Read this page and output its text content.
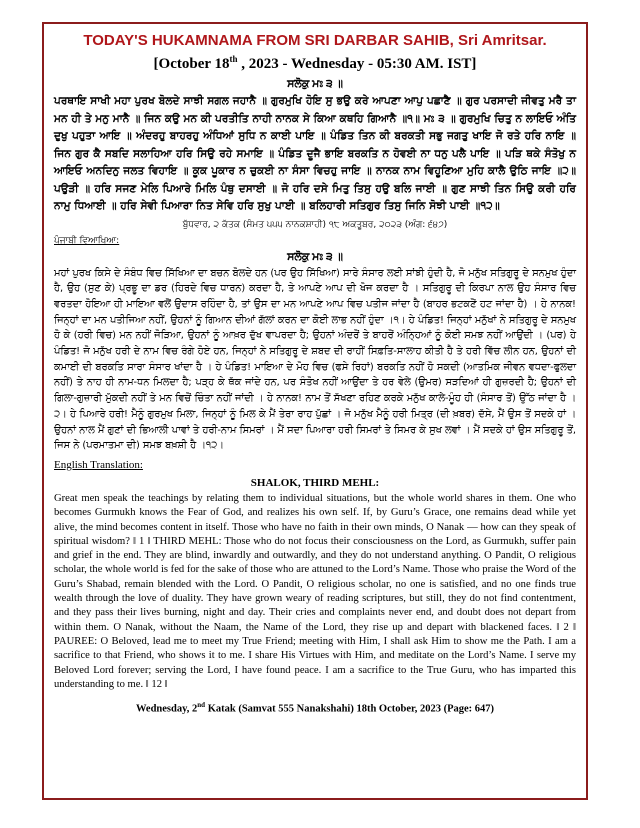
TODAY'S HUKAMNAMA FROM SRI DARBAR SAHIB, Sri Amritsar.

[October 18th , 2023 - Wednesday - 05:30 AM. IST]

ਸਲੋਕੁ ਮਃ ੩ ॥

ਪਰਥਾਇ ਸਾਖੀ ਮਹਾ ਪੁਰਖ ਬੋਲਦੇ ਸਾਝੀ ਸਗਲ ਜਹਾਨੈ ॥ ਗੁਰਮੁਖਿ ਹੋਇ ਸੁ ਭਉ ਕਰੇ ਆਪਣਾ ਆਪੁ ਪਛਾਣੈ ॥ ਗੁਰ ਪਰਸਾਦੀ ਜੀਵਤੁ ਮਰੈ ਤਾ ਮਨ ਹੀ ਤੇ ਮਨੁ ਮਾਨੈ ॥ ਜਿਨ ਕਉ ਮਨ ਕੀ ਪਰਤੀਤਿ ਨਾਹੀ ਨਾਨਕ ਸੇ ਕਿਆ ਕਥਹਿ ਗਿਆਨੈ ॥੧॥ ਮਃ ੩ ॥ ਗੁਰਮੁਖਿ ਚਿਤੁ ਨ ਲਾਇਓ ਅੰਤਿ ਦੁਖੁ ਪਹੁਤਾ ਆਇ ॥ ਅੰਦਰਹੁ ਬਾਹਰਹੁ ਅੰਧਿਆਂ ਸੁਧਿ ਨ ਕਾਈ ਪਾਇ ॥ ਪੰਡਿਤ ਤਿਨ ਕੀ ਬਰਕਤੀ ਸਭੁ ਜਗਤੁ ਖਾਇ ਜੋ ਰਤੇ ਹਰਿ ਨਾਇ ॥ ਜਿਨ ਗੁਰ ਕੈ ਸਬਦਿ ਸਲਾਹਿਆ ਹਰਿ ਸਿਉ ਰਹੇ ਸਮਾਇ ॥ ਪੰਡਿਤ ਦੂਜੈ ਭਾਇ ਬਰਕਤਿ ਨ ਹੋਵਈ ਨਾ ਧਨੁ ਪਲੈ ਪਾਇ ॥ ਪੜਿ ਥਕੇ ਸੰਤੋਖੁ ਨ ਆਇਓ ਅਨਦਿਨੁ ਜਲਤ ਵਿਹਾਇ ॥ ਕੂਕ ਪੂਕਾਰ ਨ ਚੁਕਈ ਨਾ ਸੰਸਾ ਵਿਚਹੁ ਜਾਇ ॥ ਨਾਨਕ ਨਾਮ ਵਿਹੂਣਿਆ ਮੁਹਿ ਕਾਲੈ ਉਠਿ ਜਾਇ ॥੨॥ ਪਉੜੀ ॥ ਹਰਿ ਸਜਣ ਮੇਲਿ ਪਿਆਰੇ ਮਿਲਿ ਪੰਥੁ ਦਸਾਈ ॥ ਜੋ ਹਰਿ ਦਸੇ ਮਿਤੁ ਤਿਸੁ ਹਉ ਬਲਿ ਜਾਈ ॥ ਗੁਣ ਸਾਝੀ ਤਿਨ ਸਿਉ ਕਰੀ ਹਰਿ ਨਾਮੁ ਧਿਆਈ ॥ ਹਰਿ ਸੇਵੀ ਪਿਆਰਾ ਨਿਤ ਸੇਵਿ ਹਰਿ ਸੁਖੁ ਪਾਈ ॥ ਬਲਿਹਾਰੀ ਸਤਿਗੁਰ ਤਿਸੁ ਜਿਨਿ ਸੋਝੀ ਪਾਈ ॥੧੨॥

ਬੁੱਧਵਾਰ, ੨ ਕੱਤਕ (ਸੰਮਤ ੫੫੫ ਨਾਨਕਸ਼ਾਹੀ) ੧੮ ਅਕਤੂਬਰ, ੨੦੨੩ (ਅੰਗ: ੬੪੭)

ਪੰਜਾਬੀ ਵਿਆਖਿਆ:

ਸਲੋਕੁ ਮਃ ੩ ॥

ਮਹਾਂ ਪੁਰਖ ਕਿਸੇ ਦੇ ਸੰਬੰਧ ਵਿਚ ਸਿੱਖਿਆ ਦਾ ਬਚਨ ਬੋਲਦੇ ਹਨ (ਪਰ ਉਹ ਸਿੱਖਿਆ) ਸਾਰੇ ਸੰਸਾਰ ਲਈ ਸਾਂਝੀ ਹੁੰਦੀ ਹੈ, ਜੋ ਮਨੁੱਖ ਸਤਿਗੁਰੂ ਦੇ ਸਨਮੁਖ ਹੁੰਦਾ ਹੈ, ਉਹ (ਸੁਣ ਕੇ) ਪ੍ਰਭੂ ਦਾ ਡਰ (ਹਿਰਦੇ ਵਿਚ ਧਾਰਨ) ਕਰਦਾ ਹੈ, ਤੇ ਆਪਣੇ ਆਪ ਦੀ ਖੋਜ ਕਰਦਾ ਹੈ । ਸਤਿਗੁਰੂ ਦੀ ਕਿਰਪਾ ਨਾਲ ਉਹ ਸੰਸਾਰ ਵਿਚ ਵਰਤਦਾ ਹੋਇਆ ਹੀ ਮਾਇਆ ਵਲੋਂ ਉਦਾਸ ਰਹਿੰਦਾ ਹੈ, ਤਾਂ ਉਸ ਦਾ ਮਨ ਆਪਣੇ ਆਪ ਵਿਚ ਪਤੀਜ ਜਾਂਦਾ ਹੈ (ਬਾਹਰ ਭਟਕਣੋਂ ਹਟ ਜਾਂਦਾ ਹੈ) । ਹੇ ਨਾਨਕ! ਜਿਨ੍ਹਾਂ ਦਾ ਮਨ ਪਤੀਜਿਆ ਨਹੀਂ, ਉਹਨਾਂ ਨੂੰ ਗਿਆਨ ਦੀਆਂ ਗੱਲਾਂ ਕਰਨ ਦਾ ਕੋਈ ਲਾਭ ਨਹੀਂ ਹੁੰਦਾ ।੧। ਹੇ ਪੰਡਿਤ! ਜਿਨ੍ਹਾਂ ਮਨੁੱਖਾਂ ਨੇ ਸਤਿਗੁਰੂ ਦੇ ਸਨਮੁਖ ਹੋ ਕੇ (ਹਰੀ ਵਿਚ) ਮਨ ਨਹੀਂ ਜੋੜਿਆ, ਉਹਨਾਂ ਨੂੰ ਆਖ਼ਰ ਦੁੱਖ ਵਾਪਰਦਾ ਹੈ; ਉਹਨਾਂ ਅੰਦਰੋਂ ਤੇ ਬਾਹਰੋਂ ਅੰਨ੍ਹਿਆਂ ਨੂੰ ਕੋਈ ਸਮਝ ਨਹੀਂ ਆਉਂਦੀ । (ਪਰ) ਹੇ ਪੰਡਿਤ! ਜੋ ਮਨੁੱਖ ਹਰੀ ਦੇ ਨਾਮ ਵਿਚ ਰੰਗੇ ਹੋਏ ਹਨ, ਜਿਨ੍ਹਾਂ ਨੇ ਸਤਿਗੁਰੂ ਦੇ ਸ਼ਬਦ ਦੀ ਰਾਹੀਂ ਸਿਫ਼ਤਿ-ਸਾਲਾਹ ਕੀਤੀ ਹੈ ਤੇ ਹਰੀ ਵਿੱਚ ਲੀਨ ਹਨ, ਉਹਨਾਂ ਦੀ ਕਮਾਈ ਦੀ ਬਰਕਤਿ ਸਾਰਾ ਸੰਸਾਰ ਖਾਂਦਾ ਹੈ । ਹੇ ਪੰਡਿਤ! ਮਾਇਆ ਦੇ ਮੋਹ ਵਿਚ (ਫਸੇ ਰਿਹਾਂ) ਬਰਕਤਿ ਨਹੀਂ ਹੋ ਸਕਦੀ (ਆਤਮਿਕ ਜੀਵਨ ਵਧਦਾ-ਫੁਲਦਾ ਨਹੀਂ) ਤੇ ਨਾਹ ਹੀ ਨਾਮ-ਧਨ ਮਿਲਦਾ ਹੈ; ਪੜ੍ਹ ਕੇ ਥੱਕ ਜਾਂਦੇ ਹਨ, ਪਰ ਸੰਤੋਖ ਨਹੀਂ ਆਉਂਦਾ ਤੇ ਹਰ ਵੇਲੇ (ਉਮਰ) ਸੜਦਿਆਂ ਹੀ ਗੁਜ਼ਰਦੀ ਹੈ; ਉਹਨਾਂ ਦੀ ਗਿਲਾ-ਗੁਜ਼ਾਰੀ ਮੁੱਕਦੀ ਨਹੀਂ ਤੇ ਮਨ ਵਿਚੋਂ ਚਿੰਤਾ ਨਹੀਂ ਜਾਂਦੀ । ਹੇ ਨਾਨਕ! ਨਾਮ ਤੋਂ ਸੱਖਣਾ ਰਹਿਣ ਕਰਕੇ ਮਨੁੱਖ ਕਾਲੇ-ਮੂੰਹ ਹੀ (ਸੰਸਾਰ ਤੋਂ) ਉੱਠ ਜਾਂਦਾ ਹੈ ।੨। ਹੇ ਪਿਆਰੇ ਹਰੀ! ਮੈਨੂੰ ਗੁਰਮੁਖ ਮਿਲਾ, ਜਿਨ੍ਹਾਂ ਨੂੰ ਮਿਲ ਕੇ ਮੈਂ ਤੇਰਾ ਰਾਹ ਪੁੱਛਾਂ । ਜੋ ਮਨੁੱਖ ਮੈਨੂੰ ਹਰੀ ਮਿਤ੍ਰ (ਦੀ ਖ਼ਬਰ) ਦੱਸੇ, ਮੈਂ ਉਸ ਤੋਂ ਸਦਕੇ ਹਾਂ । ਉਹਨਾਂ ਨਾਲ ਮੈਂ ਗੁਣਾਂ ਦੀ ਭਿਆਲੀ ਪਾਵਾਂ ਤੇ ਹਰੀ-ਨਾਮ ਸਿਮਰਾਂ । ਮੈਂ ਸਦਾ ਪਿਆਰਾ ਹਰੀ ਸਿਮਰਾਂ ਤੇ ਸਿਮਰ ਕੇ ਸੁਖ ਲਵਾਂ । ਮੈਂ ਸਦਕੇ ਹਾਂ ਉਸ ਸਤਿਗੁਰੂ ਤੋਂ, ਜਿਸ ਨੇ (ਪਰਮਾਤਮਾ ਦੀ) ਸਮਝ ਬਖ਼ਸ਼ੀ ਹੈ ।੧੨।

English Translation:

SHALOK, THIRD MEHL:

Great men speak the teachings by relating them to individual situations, but the whole world shares in them. One who becomes Gurmukh knows the Fear of God, and realizes his own self. If, by Guru’s Grace, one remains dead while yet alive, the mind becomes content in itself. Those who have no faith in their own minds, O Nanak — how can they speak of spiritual wisdom? ‖ 1 ‖ THIRD MEHL: Those who do not focus their consciousness on the Lord, as Gurmukh, suffer pain and grief in the end. They are blind, inwardly and outwardly, and they do not understand anything. O Pandit, O religious scholar, the whole world is fed for the sake of those who are attuned to the Lord’s Name. Those who praise the Word of the Guru’s Shabad, remain blended with the Lord. O Pandit, O religious scholar, no one is satisfied, and no one finds true wealth through the love of duality. They have grown weary of reading scriptures, but still, they do not find contentment, and they pass their lives burning, night and day. Their cries and complaints never end, and doubt does not depart from within them. O Nanak, without the Naam, the Name of the Lord, they rise up and depart with blackened faces. ‖ 2 ‖ PAUREE: O Beloved, lead me to meet my True Friend; meeting with Him, I shall ask Him to show me the Path. I am a sacrifice to that Friend, who shows it to me. I share His Virtues with Him, and meditate on the Lord’s Name. I serve my Beloved Lord forever; serving the Lord, I have found peace. I am a sacrifice to the True Guru, who has imparted this understanding to me. ‖ 12 ‖

Wednesday, 2nd Katak (Samvat 555 Nanakshahi) 18th October, 2023 (Page: 647)
